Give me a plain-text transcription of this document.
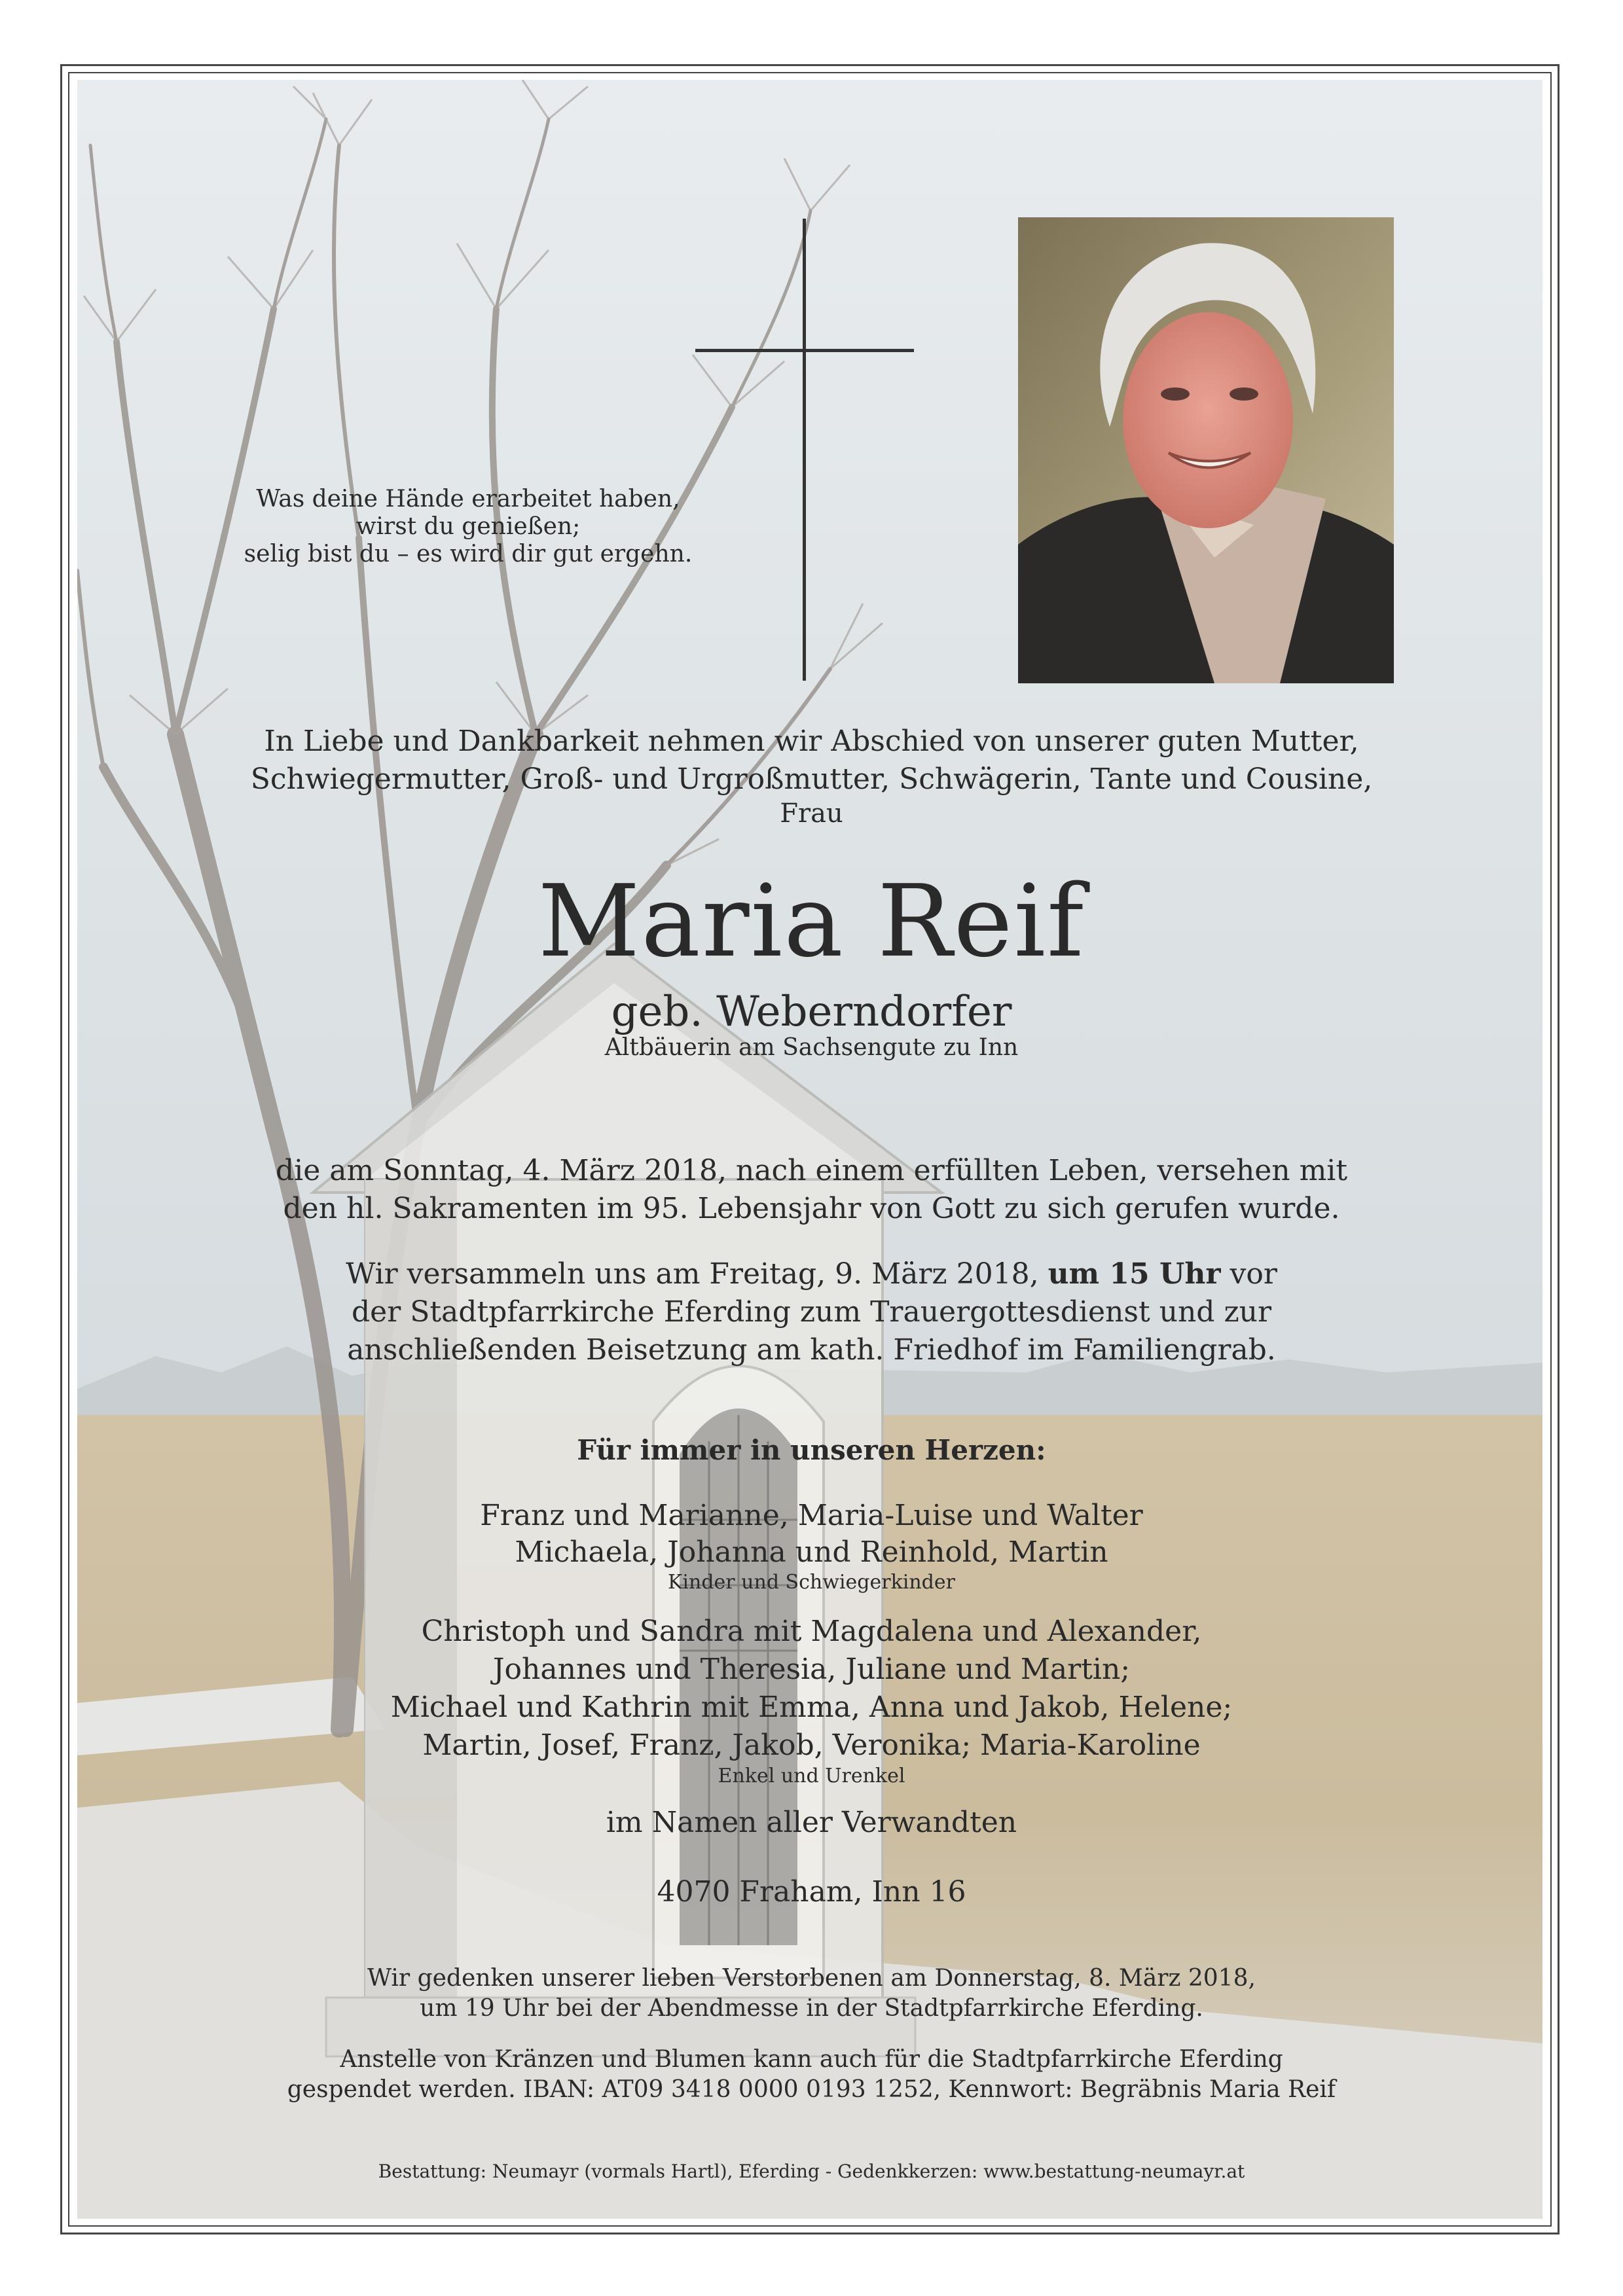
Was deine Hände erarbeitet haben,
wirst du genießen;
selig bist du – es wird dir gut ergehn.
In Liebe und Dankbarkeit nehmen wir Abschied von unserer guten Mutter,
Schwiegermutter, Groß- und Urgroßmutter, Schwägerin, Tante und Cousine,
Frau
Maria Reif
geb. Weberndorfer
Altbäuerin am Sachsengute zu Inn
die am Sonntag, 4. März 2018, nach einem erfüllten Leben, versehen mit
den hl. Sakramenten im 95. Lebensjahr von Gott zu sich gerufen wurde.
Wir versammeln uns am Freitag, 9. März 2018, um 15 Uhr vor
der Stadtpfarrkirche Eferding zum Trauergottesdienst und zur
anschließenden Beisetzung am kath. Friedhof im Familiengrab.
Für immer in unseren Herzen:
Franz und Marianne, Maria-Luise und Walter
Michaela, Johanna und Reinhold, Martin
Kinder und Schwiegerkinder
Christoph und Sandra mit Magdalena und Alexander,
Johannes und Theresia, Juliane und Martin;
Michael und Kathrin mit Emma, Anna und Jakob, Helene;
Martin, Josef, Franz, Jakob, Veronika; Maria-Karoline
Enkel und Urenkel
im Namen aller Verwandten
4070 Fraham, Inn 16
Wir gedenken unserer lieben Verstorbenen am Donnerstag, 8. März 2018,
um 19 Uhr bei der Abendmesse in der Stadtpfarrkirche Eferding.
Anstelle von Kränzen und Blumen kann auch für die Stadtpfarrkirche Eferding
gespendet werden. IBAN: AT09 3418 0000 0193 1252, Kennwort: Begräbnis Maria Reif
Bestattung: Neumayr (vormals Hartl), Eferding - Gedenkkerzen: www.bestattung-neumayr.at
